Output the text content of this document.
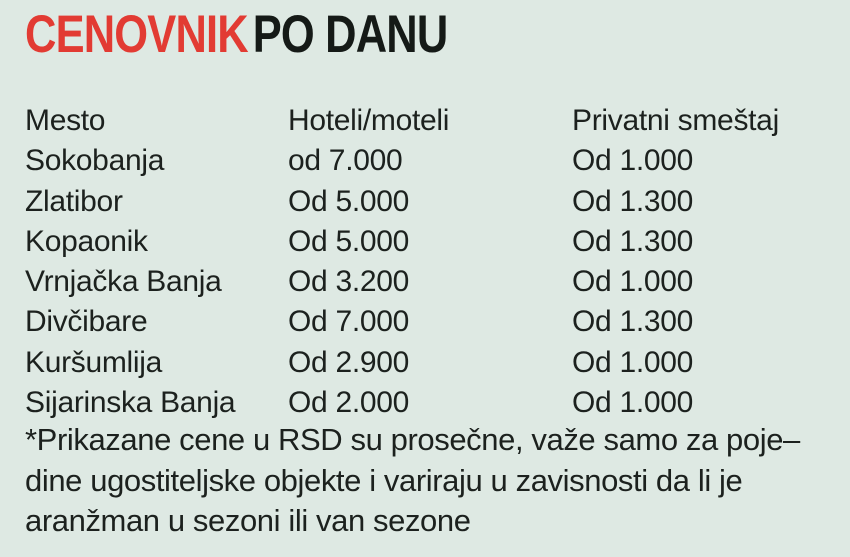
CENOVNIKPO DANU
Mesto	Hoteli/moteli	Privatni smeštaj
Sokobanja	od 7.000	Od 1.000
Zlatibor	Od 5.000	Od 1.300
Kopaonik	Od 5.000	Od 1.300
Vrnjačka Banja	Od 3.200	Od 1.000
Divčibare	Od 7.000	Od 1.300
Kuršumlija	Od 2.900	Od 1.000
Sijarinska Banja	Od 2.000	Od 1.000

*Prikazane cene u RSD su prosečne, važe samo za poje–
dine ugostiteljske objekte i variraju u zavisnosti da li je
aranžman u sezoni ili van sezone
